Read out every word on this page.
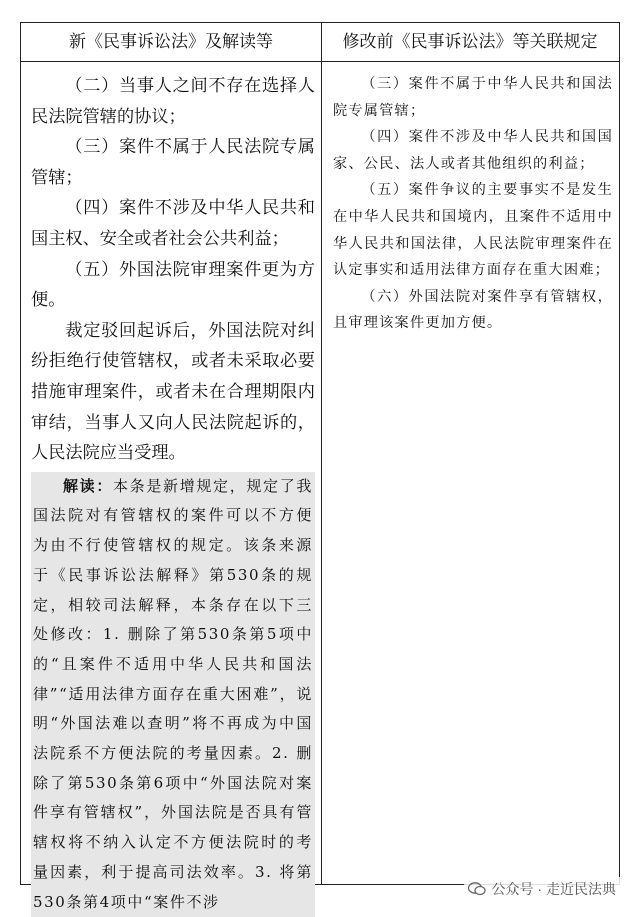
新《民事诉讼法》及解读等	修改前《民事诉讼法》等关联规定

（二）当事人之间不存在选择人民法院管辖的协议；

（三）案件不属于人民法院专属管辖；

（四）案件不涉及中华人民共和国主权、安全或者社会公共利益；

（五）外国法院审理案件更为方便。

裁定驳回起诉后，外国法院对纠纷拒绝行使管辖权，或者未采取必要措施审理案件，或者未在合理期限内审结，当事人又向人民法院起诉的，人民法院应当受理。

解读：本条是新增规定，规定了我国法院对有管辖权的案件可以不方便为由不行使管辖权的规定。该条来源于《民事诉讼法解释》第530条的规定，相较司法解释，本条存在以下三处修改：1. 删除了第530条第5项中的“且案件不适用中华人民共和国法律”“适用法律方面存在重大困难”，说明“外国法难以查明”将不再成为中国法院系不方便法院的考量因素。2. 删除了第530条第6项中“外国法院对案件享有管辖权”，外国法院是否具有管辖权将不纳入认定不方便法院时的考量因素，利于提高司法效率。3. 将第530条第4项中“案件不涉

（三）案件不属于中华人民共和国法院专属管辖；

（四）案件不涉及中华人民共和国国家、公民、法人或者其他组织的利益；

（五）案件争议的主要事实不是发生在中华人民共和国境内，且案件不适用中华人民共和国法律，人民法院审理案件在认定事实和适用法律方面存在重大困难；

（六）外国法院对案件享有管辖权，且审理该案件更加方便。

公众号 · 走近民法典
